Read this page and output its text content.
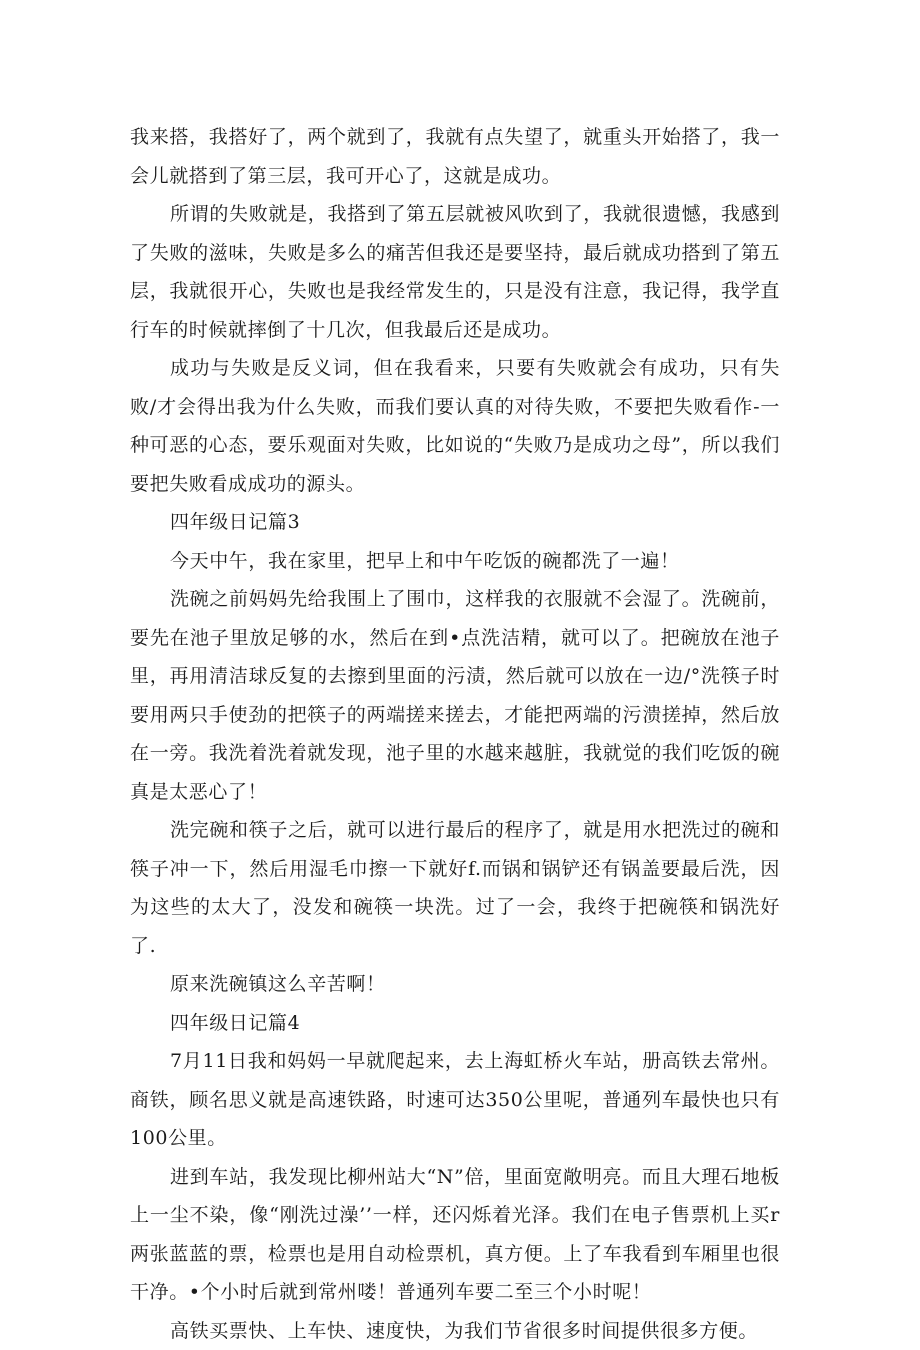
我来搭，我搭好了，两个就到了，我就有点失望了，就重头开始搭了，我一会儿就搭到了第三层，我可开心了，这就是成功。

所谓的失败就是，我搭到了第五层就被风吹到了，我就很遗憾，我感到了失败的滋味，失败是多么的痛苦但我还是要坚持，最后就成功搭到了第五层，我就很开心，失败也是我经常发生的，只是没有注意，我记得，我学直行车的时候就摔倒了十几次，但我最后还是成功。

成功与失败是反义词，但在我看来，只要有失败就会有成功，只有失败/才会得出我为什么失败，而我们要认真的对待失败，不要把失败看作-一种可恶的心态，要乐观面对失败，比如说的“失败乃是成功之母”，所以我们要把失败看成成功的源头。

四年级日记篇3

今天中午，我在家里，把早上和中午吃饭的碗都洗了一遍！

洗碗之前妈妈先给我围上了围巾，这样我的衣服就不会湿了。洗碗前，要先在池子里放足够的水，然后在到•点洗洁精，就可以了。把碗放在池子里，再用清洁球反复的去擦到里面的污渍，然后就可以放在一边/°洗筷子时要用两只手使劲的把筷子的两端搓来搓去，才能把两端的污溃搓掉，然后放在一旁。我洗着洗着就发现，池子里的水越来越脏，我就觉的我们吃饭的碗真是太恶心了！

洗完碗和筷子之后，就可以进行最后的程序了，就是用水把洗过的碗和筷子冲一下，然后用湿毛巾擦一下就好f.而锅和锅铲还有锅盖要最后洗，因为这些的太大了，没发和碗筷一块洗。过了一会，我终于把碗筷和锅洗好了.

原来洗碗镇这么辛苦啊！

四年级日记篇4

7月11日我和妈妈一早就爬起来，去上海虹桥火车站，册高铁去常州。商铁，顾名思义就是高速铁路，时速可达350公里呢，普通列车最快也只有100公里。

进到车站，我发现比柳州站大“N”倍，里面宽敞明亮。而且大理石地板上一尘不染，像“刚洗过澡’’一样，还闪烁着光泽。我们在电子售票机上买r两张蓝蓝的票，检票也是用自动检票机，真方便。上了车我看到车厢里也很干净。•个小时后就到常州喽！普通列车要二至三个小时呢！

高铁买票快、上车快、速度快，为我们节省很多时间提供很多方便。
